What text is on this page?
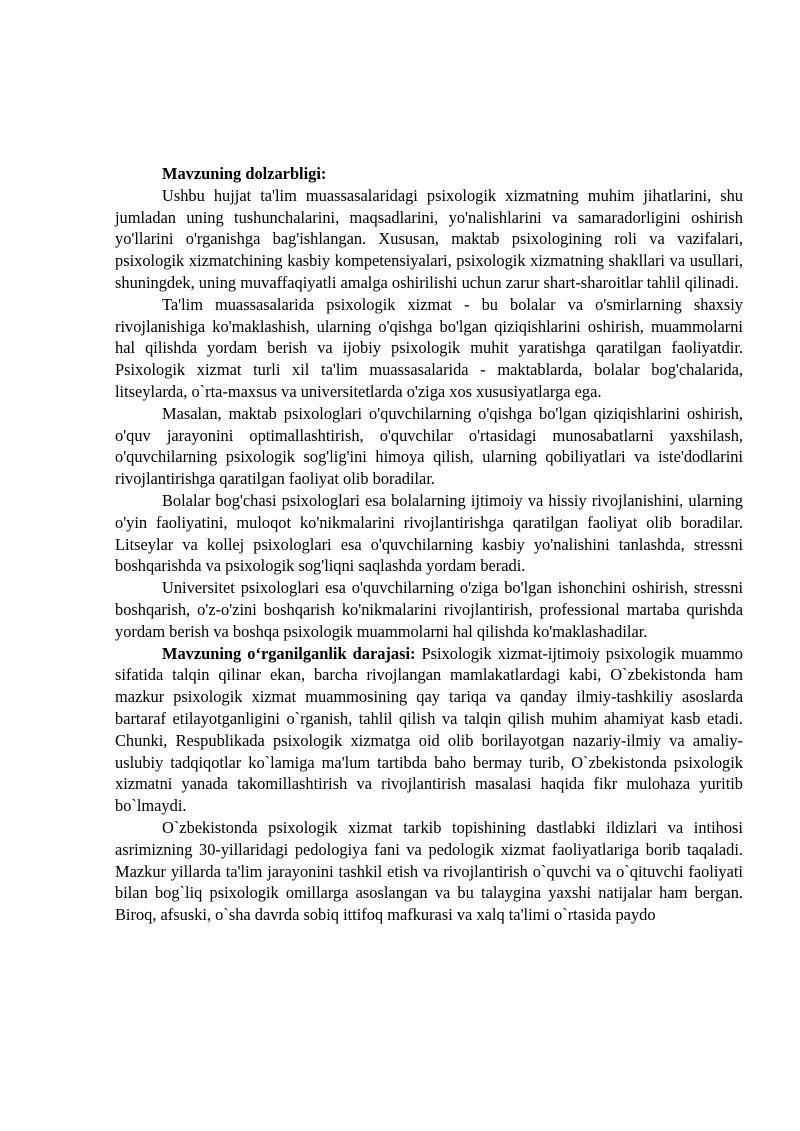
Mavzuning dolzarbligi:

Ushbu hujjat ta'lim muassasalaridagi psixologik xizmatning muhim jihatlarini, shu jumladan uning tushunchalarini, maqsadlarini, yo'nalishlarini va samaradorligini oshirish yo'llarini o'rganishga bag'ishlangan. Xususan, maktab psixologining roli va vazifalari, psixologik xizmatchining kasbiy kompetensiyalari, psixologik xizmatning shakllari va usullari, shuningdek, uning muvaffaqiyatli amalga oshirilishi uchun zarur shart-sharoitlar tahlil qilinadi.

Ta'lim muassasalarida psixologik xizmat - bu bolalar va o'smirlarning shaxsiy rivojlanishiga ko'maklashish, ularning o'qishga bo'lgan qiziqishlarini oshirish, muammolarni hal qilishda yordam berish va ijobiy psixologik muhit yaratishga qaratilgan faoliyatdir. Psixologik xizmat turli xil ta'lim muassasalarida - maktablarda, bolalar bog'chalarida, litseylarda, o`rta-maxsus va universitetlarda o'ziga xos xususiyatlarga ega.

Masalan, maktab psixologlari o'quvchilarning o'qishga bo'lgan qiziqishlarini oshirish, o'quv jarayonini optimallashtirish, o'quvchilar o'rtasidagi munosabatlarni yaxshilash, o'quvchilarning psixologik sog'lig'ini himoya qilish, ularning qobiliyatlari va iste'dodlarini rivojlantirishga qaratilgan faoliyat olib boradilar.

Bolalar bog'chasi psixologlari esa bolalarning ijtimoiy va hissiy rivojlanishini, ularning o'yin faoliyatini, muloqot ko'nikmalarini rivojlantirishga qaratilgan faoliyat olib boradilar. Litseylar va kollej psixologlari esa o'quvchilarning kasbiy yo'nalishini tanlashda, stressni boshqarishda va psixologik sog'liqni saqlashda yordam beradi.

Universitet psixologlari esa o'quvchilarning o'ziga bo'lgan ishonchini oshirish, stressni boshqarish, o'z-o'zini boshqarish ko'nikmalarini rivojlantirish, professional martaba qurishda yordam berish va boshqa psixologik muammolarni hal qilishda ko'maklashadilar.

Mavzuning o‘rganilganlik darajasi: Psixologik xizmat-ijtimoiy psixologik muammo sifatida talqin qilinar ekan, barcha rivojlangan mamlakatlardagi kabi, O`zbekistonda ham mazkur psixologik xizmat muammosining qay tariqa va qanday ilmiy-tashkiliy asoslarda bartaraf etilayotganligini o`rganish, tahlil qilish va talqin qilish muhim ahamiyat kasb etadi. Chunki, Respublikada psixologik xizmatga oid olib borilayotgan nazariy-ilmiy va amaliy-uslubiy tadqiqotlar ko`lamiga ma'lum tartibda baho bermay turib, O`zbekistonda psixologik xizmatni yanada takomillashtirish va rivojlantirish masalasi haqida fikr mulohaza yuritib bo`lmaydi.

O`zbekistonda psixologik xizmat tarkib topishining dastlabki ildizlari va intihosi asrimizning 30-yillaridagi pedologiya fani va pedologik xizmat faoliyatlariga borib taqaladi. Mazkur yillarda ta'lim jarayonini tashkil etish va rivojlantirish o`quvchi va o`qituvchi faoliyati bilan bog`liq psixologik omillarga asoslangan va bu talaygina yaxshi natijalar ham bergan. Biroq, afsuski, o`sha davrda sobiq ittifoq mafkurasi va xalq ta'limi o`rtasida paydo
